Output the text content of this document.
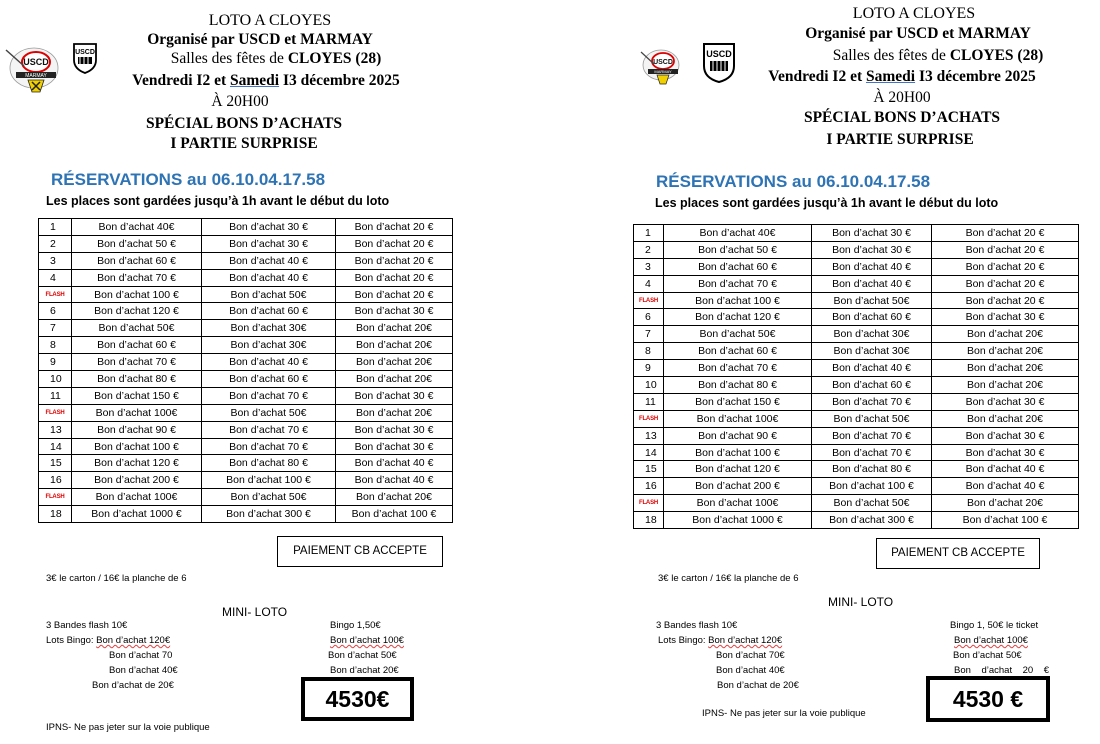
USCD
MARMAY
USCD
LOTO A CLOYES
Organisé par USCD et MARMAY
Salles des fêtes de CLOYES (28)
Vendredi I2 et Samedi I3 décembre 2025
À 20H00
SPÉCIAL BONS D’ACHATS
I PARTIE SURPRISE
RÉSERVATIONS au 06.10.04.17.58
Les places sont gardées jusqu’à 1h avant le début du loto
1	Bon d’achat 40€	Bon d’achat 30 €	Bon d’achat 20 €
2	Bon d’achat 50 €	Bon d’achat 30 €	Bon d’achat 20 €
3	Bon d’achat 60 €	Bon d’achat 40 €	Bon d’achat 20 €
4	Bon d’achat 70 €	Bon d’achat 40 €	Bon d’achat 20 €
FLASH	Bon d’achat 100 €	Bon d’achat 50€	Bon d’achat 20 €
6	Bon d’achat 120 €	Bon d’achat 60 €	Bon d’achat 30 €
7	Bon d’achat 50€	Bon d’achat 30€	Bon d’achat 20€
8	Bon d’achat 60 €	Bon d’achat 30€	Bon d’achat 20€
9	Bon d’achat 70 €	Bon d’achat 40 €	Bon d’achat 20€
10	Bon d’achat 80 €	Bon d’achat 60 €	Bon d’achat 20€
11	Bon d’achat 150 €	Bon d’achat 70 €	Bon d’achat 30 €
FLASH	Bon d’achat 100€	Bon d’achat 50€	Bon d’achat 20€
13	Bon d’achat 90 €	Bon d’achat 70 €	Bon d’achat 30 €
14	Bon d’achat 100 €	Bon d’achat 70 €	Bon d’achat 30 €
15	Bon d’achat 120 €	Bon d’achat 80 €	Bon d’achat 40 €
16	Bon d’achat 200 €	Bon d’achat 100 €	Bon d’achat 40 €
FLASH	Bon d’achat 100€	Bon d’achat 50€	Bon d’achat 20€
18	Bon d’achat 1000 €	Bon d’achat 300 €	Bon d’achat 100 €
PAIEMENT CB ACCEPTE
3€ le carton / 16€ la planche de 6
MINI- LOTO
3 Bandes flash 10€
Lots Bingo: Bon d’achat 120€
Bon d’achat 70
Bon d’achat 40€
Bon d’achat de 20€
Bingo 1,50€
Bon d’achat 100€
Bon d’achat 50€
Bon d’achat 20€
4530€
IPNS- Ne pas jeter sur la voie publique
USCD
MARMAY
USCD
LOTO A CLOYES
Organisé par USCD et MARMAY
Salles des fêtes de CLOYES (28)
Vendredi I2 et Samedi I3 décembre 2025
À 20H00
SPÉCIAL BONS D’ACHATS
I PARTIE SURPRISE
RÉSERVATIONS au 06.10.04.17.58
Les places sont gardées jusqu’à 1h avant le début du loto
1	Bon d’achat 40€	Bon d’achat 30 €	Bon d’achat 20 €
2	Bon d’achat 50 €	Bon d’achat 30 €	Bon d’achat 20 €
3	Bon d’achat 60 €	Bon d’achat 40 €	Bon d’achat 20 €
4	Bon d’achat 70 €	Bon d’achat 40 €	Bon d’achat 20 €
FLASH	Bon d’achat 100 €	Bon d’achat 50€	Bon d’achat 20 €
6	Bon d’achat 120 €	Bon d’achat 60 €	Bon d’achat 30 €
7	Bon d’achat 50€	Bon d’achat 30€	Bon d’achat 20€
8	Bon d’achat 60 €	Bon d’achat 30€	Bon d’achat 20€
9	Bon d’achat 70 €	Bon d’achat 40 €	Bon d’achat 20€
10	Bon d’achat 80 €	Bon d’achat 60 €	Bon d’achat 20€
11	Bon d’achat 150 €	Bon d’achat 70 €	Bon d’achat 30 €
FLASH	Bon d’achat 100€	Bon d’achat 50€	Bon d’achat 20€
13	Bon d’achat 90 €	Bon d’achat 70 €	Bon d’achat 30 €
14	Bon d’achat 100 €	Bon d’achat 70 €	Bon d’achat 30 €
15	Bon d’achat 120 €	Bon d’achat 80 €	Bon d’achat 40 €
16	Bon d’achat 200 €	Bon d’achat 100 €	Bon d’achat 40 €
FLASH	Bon d’achat 100€	Bon d’achat 50€	Bon d’achat 20€
18	Bon d’achat 1000 €	Bon d’achat 300 €	Bon d’achat 100 €
PAIEMENT CB ACCEPTE
3€ le carton / 16€ la planche de 6
MINI- LOTO
3 Bandes flash 10€
Lots Bingo: Bon d’achat 120€
Bon d’achat 70€
Bon d’achat 40€
Bon d’achat de 20€
Bingo 1, 50€ le ticket
Bon d’achat 100€
Bon d’achat 50€
Bon    d’achat    20    €
4530 €
IPNS- Ne pas jeter sur la voie publique
